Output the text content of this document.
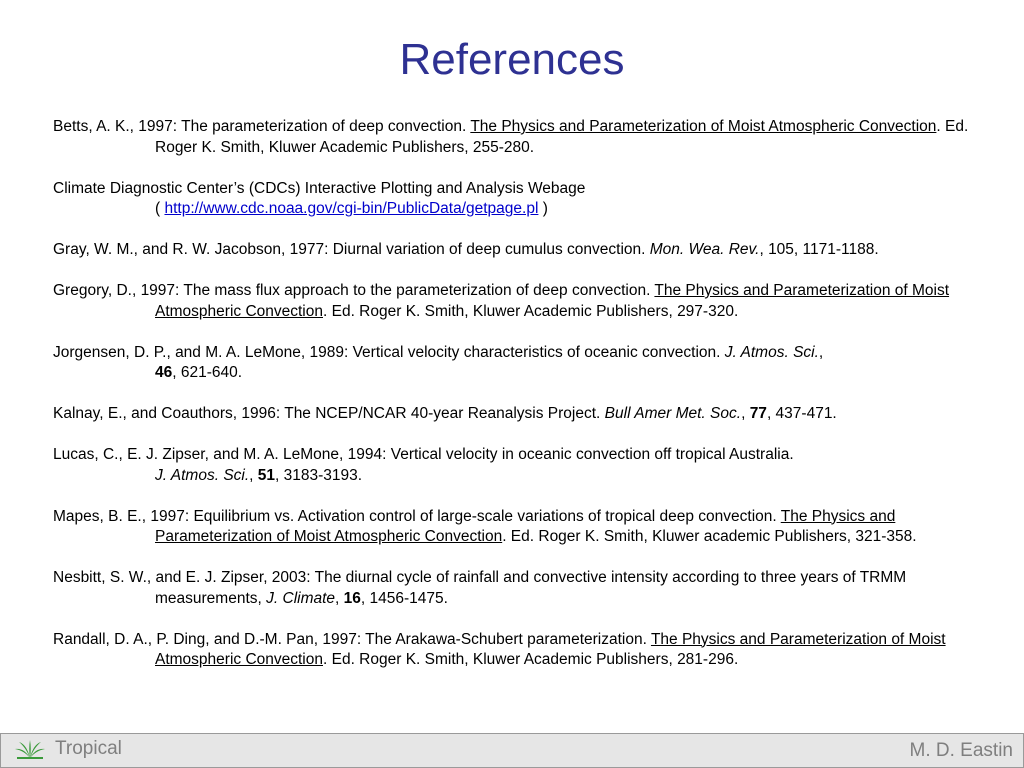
References
Betts, A. K., 1997: The parameterization of deep convection. The Physics and Parameterization of Moist Atmospheric Convection. Ed. Roger K. Smith, Kluwer Academic Publishers, 255-280.
Climate Diagnostic Center’s (CDCs) Interactive Plotting and Analysis Webage
( http://www.cdc.noaa.gov/cgi-bin/PublicData/getpage.pl )
Gray, W. M., and R. W. Jacobson, 1977: Diurnal variation of deep cumulus convection. Mon. Wea. Rev., 105, 1171-1188.
Gregory, D., 1997: The mass flux approach to the parameterization of deep convection. The Physics and Parameterization of Moist Atmospheric Convection. Ed. Roger K. Smith, Kluwer Academic Publishers, 297-320.
Jorgensen, D. P., and M. A. LeMone, 1989: Vertical velocity characteristics of oceanic convection. J. Atmos. Sci.,
46, 621-640.
Kalnay, E., and Coauthors, 1996: The NCEP/NCAR 40-year Reanalysis Project. Bull Amer Met. Soc., 77, 437-471.
Lucas, C., E. J. Zipser, and M. A. LeMone, 1994: Vertical velocity in oceanic convection off tropical Australia.
J. Atmos. Sci., 51, 3183-3193.
Mapes, B. E., 1997: Equilibrium vs. Activation control of large-scale variations of tropical deep convection. The Physics and Parameterization of Moist Atmospheric Convection. Ed. Roger K. Smith, Kluwer academic Publishers, 321-358.
Nesbitt, S. W., and E. J. Zipser, 2003: The diurnal cycle of rainfall and convective intensity according to three years of TRMM measurements, J. Climate, 16, 1456-1475.
Randall, D. A., P. Ding, and D.-M. Pan, 1997: The Arakawa-Schubert parameterization. The Physics and Parameterization of Moist Atmospheric Convection. Ed. Roger K. Smith, Kluwer Academic Publishers, 281-296.
Tropical	M. D. Eastin
